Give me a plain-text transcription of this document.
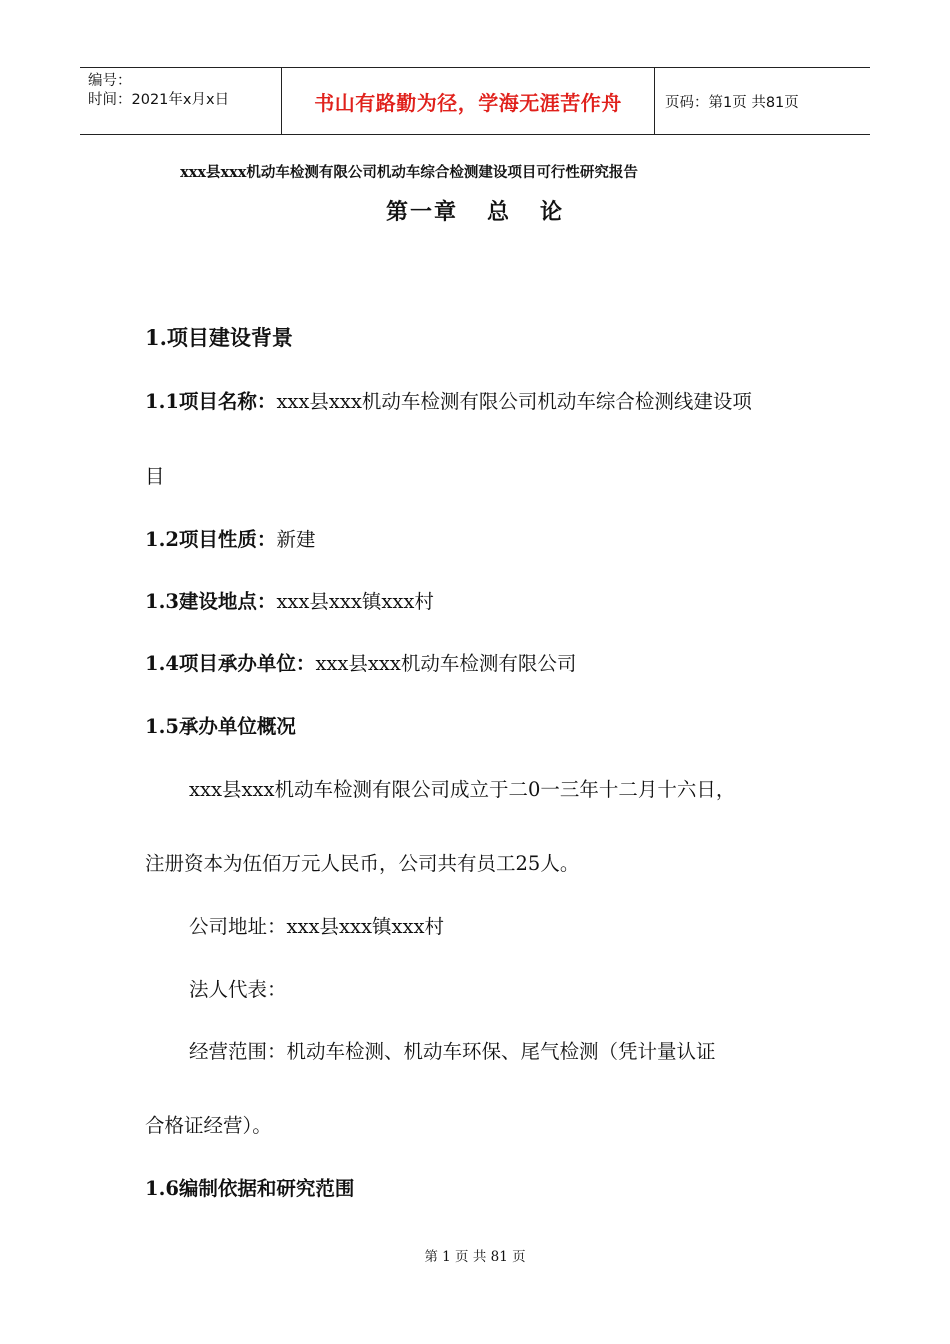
编号：
时间：2021年x月x日	书山有路勤为径，学海无涯苦作舟	页码：第1页 共81页
xxx县xxx机动车检测有限公司机动车综合检测建设项目可行性研究报告
第一章   总   论
1.项目建设背景
1.1项目名称：xxx县xxx机动车检测有限公司机动车综合检测线建设项
目
1.2项目性质：新建
1.3建设地点：xxx县xxx镇xxx村
1.4项目承办单位：xxx县xxx机动车检测有限公司
1.5承办单位概况
xxx县xxx机动车检测有限公司成立于二0一三年十二月十六日，
注册资本为伍佰万元人民币，公司共有员工25人。
公司地址：xxx县xxx镇xxx村
法人代表：
经营范围：机动车检测、机动车环保、尾气检测（凭计量认证
合格证经营）。
1.6编制依据和研究范围
第 1 页 共 81 页
